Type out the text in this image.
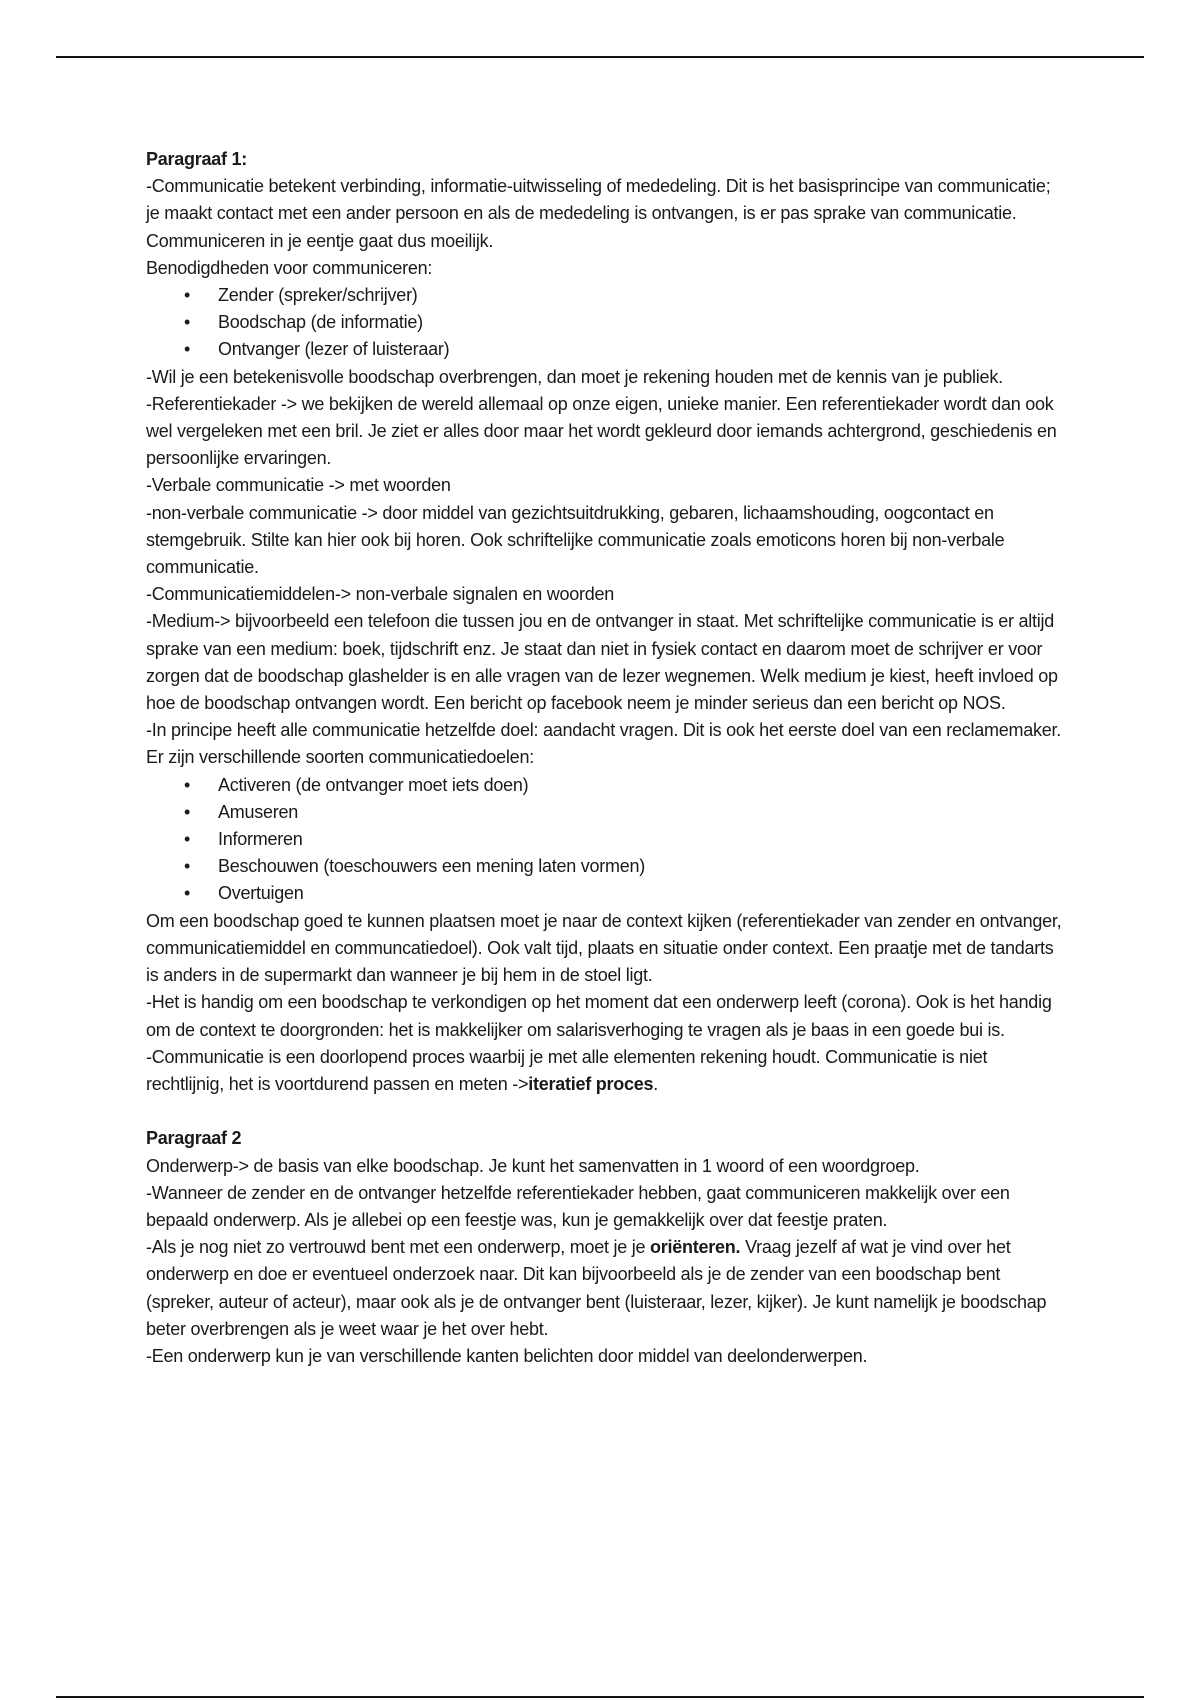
Paragraaf 1:

-Communicatie betekent verbinding, informatie-uitwisseling of mededeling. Dit is het basisprincipe van communicatie; je maakt contact met een ander persoon en als de mededeling is ontvangen, is er pas sprake van communicatie. Communiceren in je eentje gaat dus moeilijk.

Benodigdheden voor communiceren:

• Zender (spreker/schrijver)
• Boodschap (de informatie)
• Ontvanger (lezer of luisteraar)

-Wil je een betekenisvolle boodschap overbrengen, dan moet je rekening houden met de kennis van je publiek.

-Referentiekader -> we bekijken de wereld allemaal op onze eigen, unieke manier. Een referentiekader wordt dan ook wel vergeleken met een bril. Je ziet er alles door maar het wordt gekleurd door iemands achtergrond, geschiedenis en persoonlijke ervaringen.

-Verbale communicatie -> met woorden

-non-verbale communicatie -> door middel van gezichtsuitdrukking, gebaren, lichaamshouding, oogcontact en stemgebruik. Stilte kan hier ook bij horen. Ook schriftelijke communicatie zoals emoticons horen bij non-verbale communicatie.

-Communicatiemiddelen-> non-verbale signalen en woorden

-Medium-> bijvoorbeeld een telefoon die tussen jou en de ontvanger in staat. Met schriftelijke communicatie is er altijd sprake van een medium: boek, tijdschrift enz. Je staat dan niet in fysiek contact en daarom moet de schrijver er voor zorgen dat de boodschap glashelder is en alle vragen van de lezer wegnemen. Welk medium je kiest, heeft invloed op hoe de boodschap ontvangen wordt. Een bericht op facebook neem je minder serieus dan een bericht op NOS.

-In principe heeft alle communicatie hetzelfde doel: aandacht vragen. Dit is ook het eerste doel van een reclamemaker. Er zijn verschillende soorten communicatiedoelen:

• Activeren (de ontvanger moet iets doen)
• Amuseren
• Informeren
• Beschouwen (toeschouwers een mening laten vormen)
• Overtuigen

Om een boodschap goed te kunnen plaatsen moet je naar de context kijken (referentiekader van zender en ontvanger, communicatiemiddel en communcatiedoel). Ook valt tijd, plaats en situatie onder context. Een praatje met de tandarts is anders in de supermarkt dan wanneer je bij hem in de stoel ligt.

-Het is handig om een boodschap te verkondigen op het moment dat een onderwerp leeft (corona). Ook is het handig om de context te doorgronden: het is makkelijker om salarisverhoging te vragen als je baas in een goede bui is.

-Communicatie is een doorlopend proces waarbij je met alle elementen rekening houdt. Communicatie is niet rechtlijnig, het is voortdurend passen en meten ->iteratief proces.

Paragraaf 2

Onderwerp-> de basis van elke boodschap. Je kunt het samenvatten in 1 woord of een woordgroep.

-Wanneer de zender en de ontvanger hetzelfde referentiekader hebben, gaat communiceren makkelijk over een bepaald onderwerp. Als je allebei op een feestje was, kun je gemakkelijk over dat feestje praten.

-Als je nog niet zo vertrouwd bent met een onderwerp, moet je je oriënteren. Vraag jezelf af wat je vind over het onderwerp en doe er eventueel onderzoek naar. Dit kan bijvoorbeeld als je de zender van een boodschap bent (spreker, auteur of acteur), maar ook als je de ontvanger bent (luisteraar, lezer, kijker). Je kunt namelijk je boodschap beter overbrengen als je weet waar je het over hebt.

-Een onderwerp kun je van verschillende kanten belichten door middel van deelonderwerpen.
